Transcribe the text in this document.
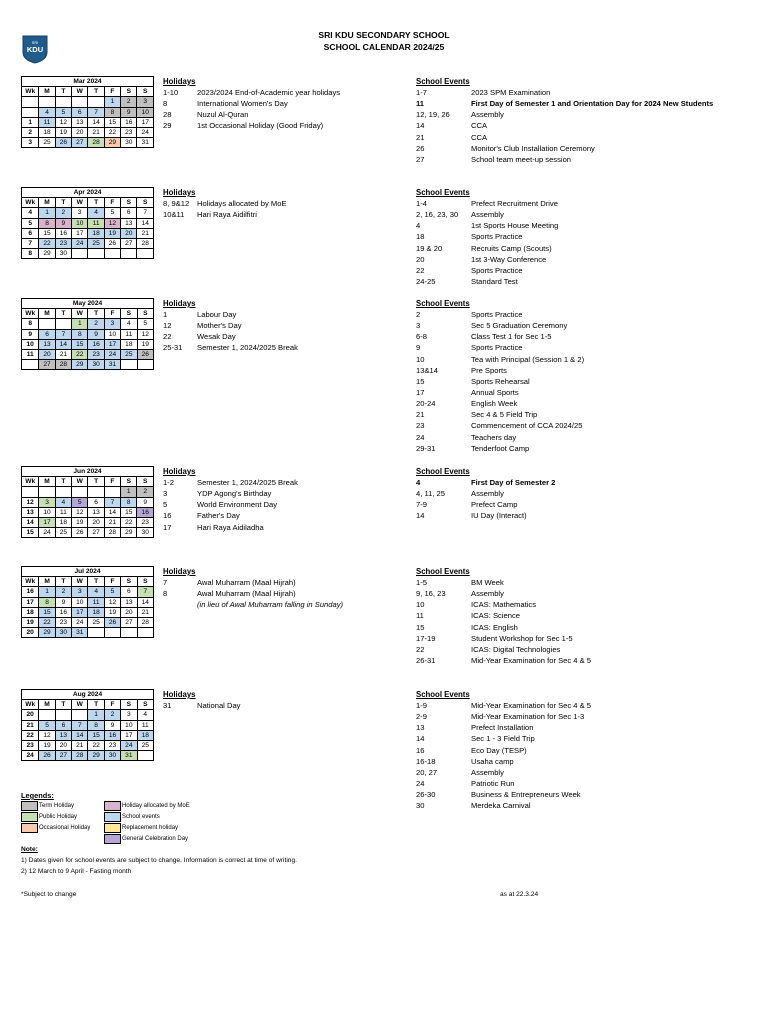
SRI
KDU
SRI KDU SECONDARY SCHOOL
SCHOOL CALENDAR 2024/25
Mar 2024							
Wk	M	T	W	T	F	S	S
					1	2	3
	4	5	6	7	8	9	10
1	11	12	13	14	15	16	17
2	18	19	20	21	22	23	24
3	25	26	27	28	29	30	31
Holidays
1-10 2023/2024 End-of-Academic year holidays
8	International Women's Day
28	Nuzul Al-Quran
29	1st Occasional Holiday (Good Friday)
School Events
1-7	2023 SPM Examination
11	First Day of Semester 1 and Orientation Day for 2024 New Students
12, 19, 26	Assembly
14	CCA
21	CCA
26	Monitor's Club Installation Ceremony
27	School team meet-up session
Apr 2024							
Wk	M	T	W	T	F	S	S
4	1	2	3	4	5	6	7
5	8	9	10	11	12	13	14
6	15	16	17	18	19	20	21
7	22	23	24	25	26	27	28
8	29	30					
Holidays
8, 9&12 Holidays allocated by MoE
10&11 Hari Raya Aidilfitri
School Events
1-4	Prefect Recruitment Drive
2, 16, 23, 30 Assembly
4	1st Sports House Meeting
18	Sports Practice
19 & 20	Recruits Camp (Scouts)
20	1st 3-Way Conference
22	Sports Practice
24-25	Standard Test
May 2024							
Wk	M	T	W	T	F	S	S
8			1	2	3	4	5
9	6	7	8	9	10	11	12
10	13	14	15	16	17	18	19
11	20	21	22	23	24	25	26
	27	28	29	30	31		
Holidays
1	Labour Day
12	Mother's Day
22	Wesak Day
25-31 Semester 1, 2024/2025 Break
School Events
2	Sports Practice
3	Sec 5 Graduation Ceremony
6-8	Class Test 1 for Sec 1-5
9	Sports Practice
10	Tea with Principal (Session 1 & 2)
13&14	Pre Sports
15	Sports Rehearsal
17	Annual Sports
20-24	English Week
21	Sec 4 & 5 Field Trip
23	Commencement of CCA 2024/25
24	Teachers day
29-31	Tenderfoot Camp
Jun 2024							
Wk	M	T	W	T	F	S	S
						1	2
12	3	4	5	6	7	8	9
13	10	11	12	13	14	15	16
14	17	18	19	20	21	22	23
15	24	25	26	27	28	29	30
Holidays
1-2	Semester 1, 2024/2025 Break
3	YDP Agong's Birthday
5	World Environment Day
16	Father's Day
17	Hari Raya Aidiladha
School Events
4	First Day of Semester 2
4, 11, 25	Assembly
7-9	Prefect Camp
14	IU Day (Interact)
Jul 2024							
Wk	M	T	W	T	F	S	S
16	1	2	3	4	5	6	7
17	8	9	10	11	12	13	14
18	15	16	17	18	19	20	21
19	22	23	24	25	26	27	28
20	29	30	31				
Holidays
7	Awal Muharram (Maal Hijrah)
8	Awal Muharram (Maal Hijrah)
(in lieu of Awal Muharram falling in Sunday)
School Events
1-5	BM Week
9, 16, 23	Assembly
10	ICAS: Mathematics
11	ICAS: Science
15	ICAS: English
17-19	Student Workshop for Sec 1-5
22	ICAS: Digital Technologies
26-31	Mid-Year Examination for Sec 4 & 5
Aug 2024							
Wk	M	T	W	T	F	S	S
20				1	2	3	4
21	5	6	7	8	9	10	11
22	12	13	14	15	16	17	18
23	19	20	21	22	23	24	25
24	26	27	28	29	30	31	
Holidays
31	National Day
School Events
1-9	Mid-Year Examination for Sec 4 & 5
2-9	Mid-Year Examination for Sec 1-3
13	Prefect Installation
14	Sec 1 - 3 Field Trip
16	Eco Day (TESP)
16-18	Usaha camp
20, 27	Assembly
24	Patriotic Run
26-30	Business & Entrepreneurs Week
30	Merdeka Carnival
Legends:
Term Holiday
Public Holiday
Occasional Holiday
Holiday allocated by MoE
School events
Replacement holiday
General Celebration Day
Note:
1) Dates given for school events are subject to change. Information is correct at time of writing.
2) 12 March to 9 April - Fasting month
*Subject to change	as at 22.3.24
